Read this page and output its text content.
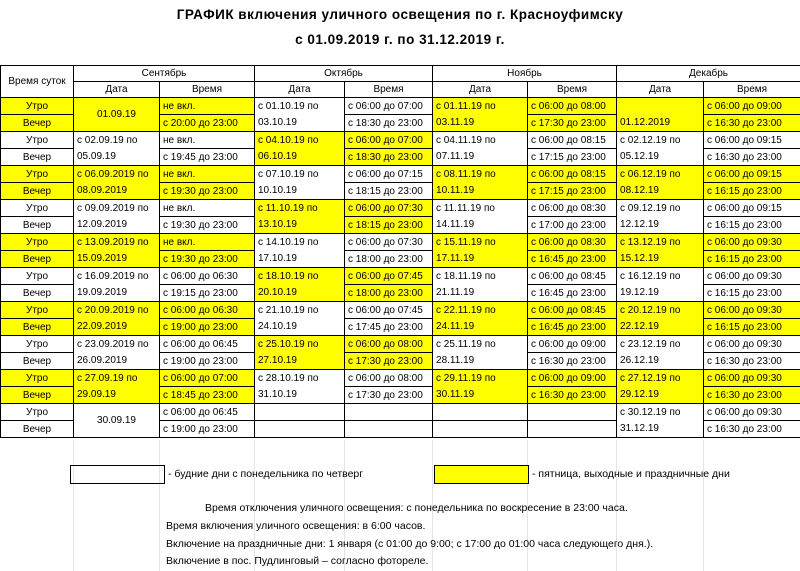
ГРАФИК включения уличного освещения по г. Красноуфимску
с 01.09.2019 г. по 31.12.2019 г.
Время суток	Сентябрь		Октябрь		Ноябрь		Декабрь	
	Дата	Время	Дата	Время	Дата	Время	Дата	Время
Утро	01.09.19	не вкл.	с 01.10.19 по	с 06:00 до 07:00	с 01.11.19 по	с 06:00 до 08:00		с 06:00 до 09:00
Вечер		с 20:00 до 23:00	03.10.19	с 18:30 до 23:00	03.11.19	с 17:30 до 23:00	01.12.2019	с 16:30 до 23:00
Утро	с 02.09.19 по	не вкл.	с 04.10.19 по	с 06:00 до 07:00	с 04.11.19 по	с 06:00 до 08:15	с 02.12.19 по	с 06:00 до 09:15
Вечер	05.09.19	с 19:45 до 23:00	06.10.19	с 18:30 до 23:00	07.11.19	с 17:15 до 23:00	05.12.19	с 16:30 до 23:00
Утро	с 06.09.2019 по	не вкл.	с 07.10.19 по	с 06:00 до 07:15	с 08.11.19 по	с 06:00 до 08:15	с 06.12.19 по	с 06:00 до 09:15
Вечер	08.09.2019	с 19:30 до 23:00	10.10.19	с 18:15 до 23:00	10.11.19	с 17:15 до 23:00	08.12.19	с 16:15 до 23:00
Утро	с 09.09.2019 по	не вкл.	с 11.10.19 по	с 06:00 до 07:30	с 11.11.19 по	с 06:00 до 08:30	с 09.12.19 по	с 06:00 до 09:15
Вечер	12.09.2019	с 19:30 до 23:00	13.10.19	с 18:15 до 23:00	14.11.19	с 17:00 до 23:00	12.12.19	с 16:15 до 23:00
Утро	с 13.09.2019 по	не вкл.	с 14.10.19 по	с 06:00 до 07:30	с 15.11.19 по	с 06:00 до 08:30	с 13.12.19 по	с 06:00 до 09:30
Вечер	15.09.2019	с 19:30 до 23:00	17.10.19	с 18:00 до 23:00	17.11.19	с 16:45 до 23:00	15.12.19	с 16:15 до 23:00
Утро	с 16.09.2019 по	с 06:00 до 06:30	с 18.10.19 по	с 06:00 до 07:45	с 18.11.19 по	с 06:00 до 08:45	с 16.12.19 по	с 06:00 до 09:30
Вечер	19.09.2019	с 19:15 до 23:00	20.10.19	с 18:00 до 23:00	21.11.19	с 16:45 до 23:00	19.12.19	с 16:15 до 23:00
Утро	с 20.09.2019 по	с 06:00 до 06:30	с 21.10.19 по	с 06:00 до 07:45	с 22.11.19 по	с 06:00 до 08:45	с 20.12.19 по	с 06:00 до 09:30
Вечер	22.09.2019	с 19:00 до 23:00	24.10.19	с 17:45 до 23:00	24.11.19	с 16:45 до 23:00	22.12.19	с 16:15 до 23:00
Утро	с 23.09.2019 по	с 06:00 до 06:45	с 25.10.19 по	с 06:00 до 08:00	с 25.11.19 по	с 06:00 до 09:00	с 23.12.19 по	с 06:00 до 09:30
Вечер	26.09.2019	с 19:00 до 23:00	27.10.19	с 17:30 до 23:00	28.11.19	с 16:30 до 23:00	26.12.19	с 16:30 до 23:00
Утро	с 27.09.19 по	с 06:00 до 07:00	с 28.10.19 по	с 06:00 до 08:00	с 29.11.19 по	с 06:00 до 09:00	с 27.12.19 по	с 06:00 до 09:30
Вечер	29.09.19	с 18:45 до 23:00	31.10.19	с 17:30 до 23:00	30.11.19	с 16:30 до 23:00	29.12.19	с 16:30 до 23:00
Утро	30.09.19	с 06:00 до 06:45					с 30.12.19 по	с 06:00 до 09:30
Вечер		с 19:00 до 23:00					31.12.19	с 16:30 до 23:00
- будние дни с понедельника по четверг	- пятница, выходные и праздничные дни
Время отключения уличного освещения: с понедельника по воскресение в 23:00 часа.
Время включения уличного освещения: в 6:00 часов.
Включение на праздничные дни: 1 января (с 01:00 до 9:00; с 17:00 до 01:00 часа следующего дня.).
Включение в пос. Пудлинговый – согласно фотореле.
